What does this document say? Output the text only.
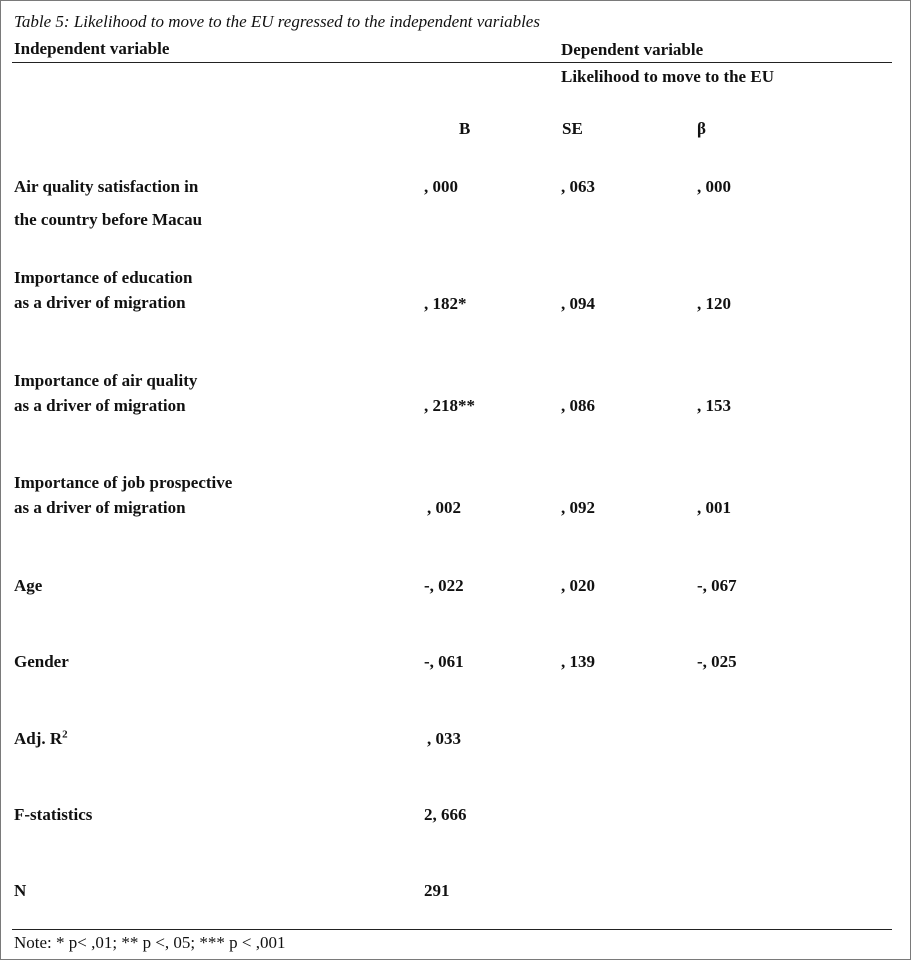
Table 5: Likelihood to move to the EU regressed to the independent variables
Independent variable	Dependent variable
Likelihood to move to the EU
B	SE	β
Air quality satisfaction in
the country before Macau
, 000	, 063	, 000
Importance of education
as a driver of migration	, 182*	, 094	, 120
Importance of air quality
as a driver of migration	, 218**	, 086	, 153
Importance of job prospective
as a driver of migration	, 002	, 092	, 001
Age	-, 022	, 020	-, 067
Gender	-, 061	, 139	-, 025
Adj. $R^2$	, 033
F-statistics	2, 666
N	291
Note: * p< ,01; ** p <, 05; *** p < ,001
